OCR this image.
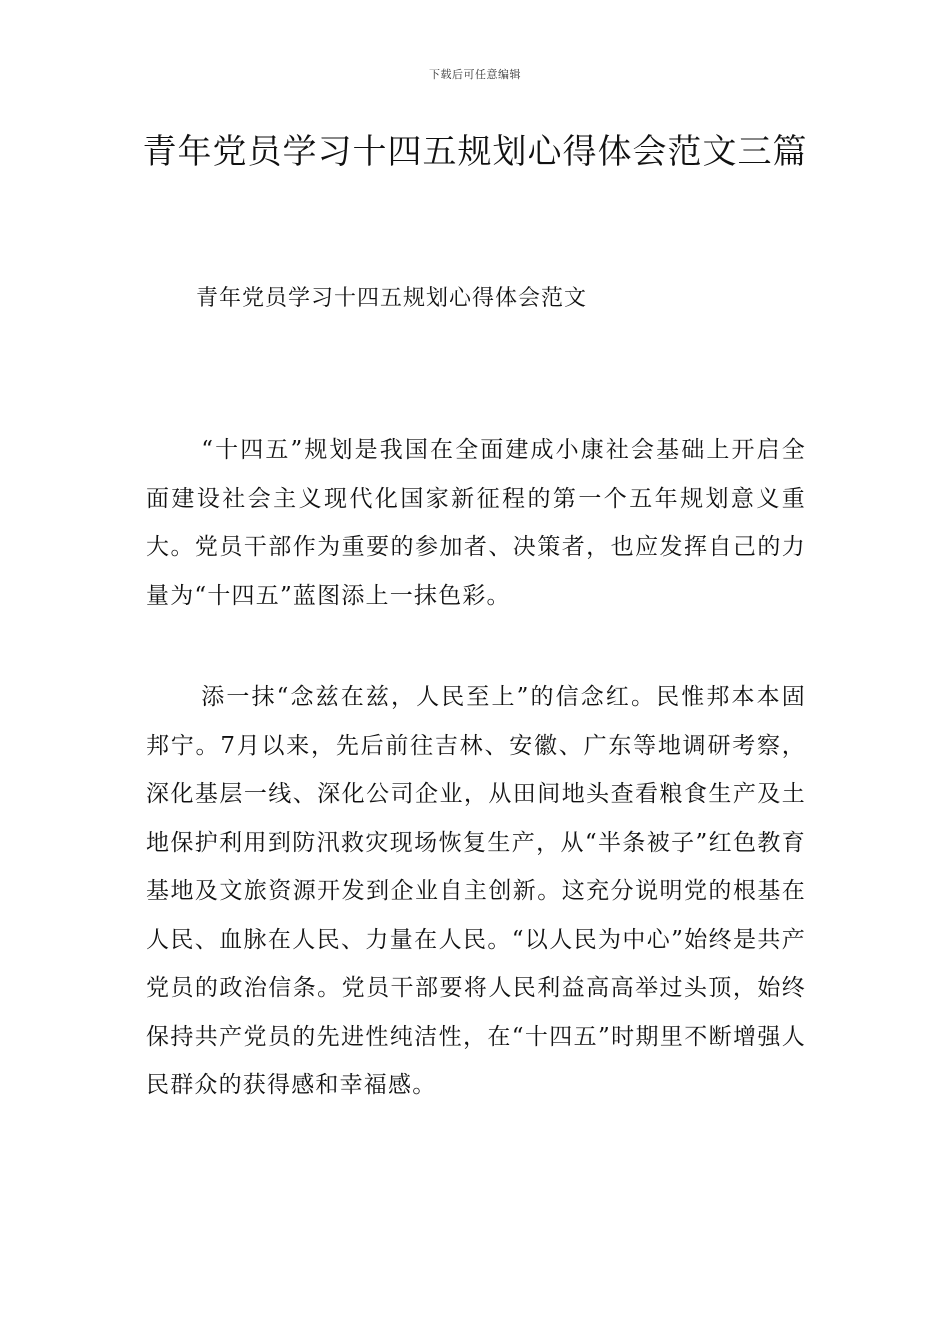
下载后可任意编辑
青年党员学习十四五规划心得体会范文三篇
青年党员学习十四五规划心得体会范文

“十四五”规划是我国在全面建成小康社会基础上开启全面建设社会主义现代化国家新征程的第一个五年规划意义重大。党员干部作为重要的参加者、决策者，也应发挥自己的力量为“十四五”蓝图添上一抹色彩。

添一抹“念兹在兹，人民至上”的信念红。民惟邦本本固邦宁。7月以来，先后前往吉林、安徽、广东等地调研考察，深化基层一线、深化公司企业，从田间地头查看粮食生产及土地保护利用到防汛救灾现场恢复生产，从“半条被子”红色教育基地及文旅资源开发到企业自主创新。这充分说明党的根基在人民、血脉在人民、力量在人民。“以人民为中心”始终是共产党员的政治信条。党员干部要将人民利益高高举过头顶，始终保持共产党员的先进性纯洁性，在“十四五”时期里不断增强人民群众的获得感和幸福感。
